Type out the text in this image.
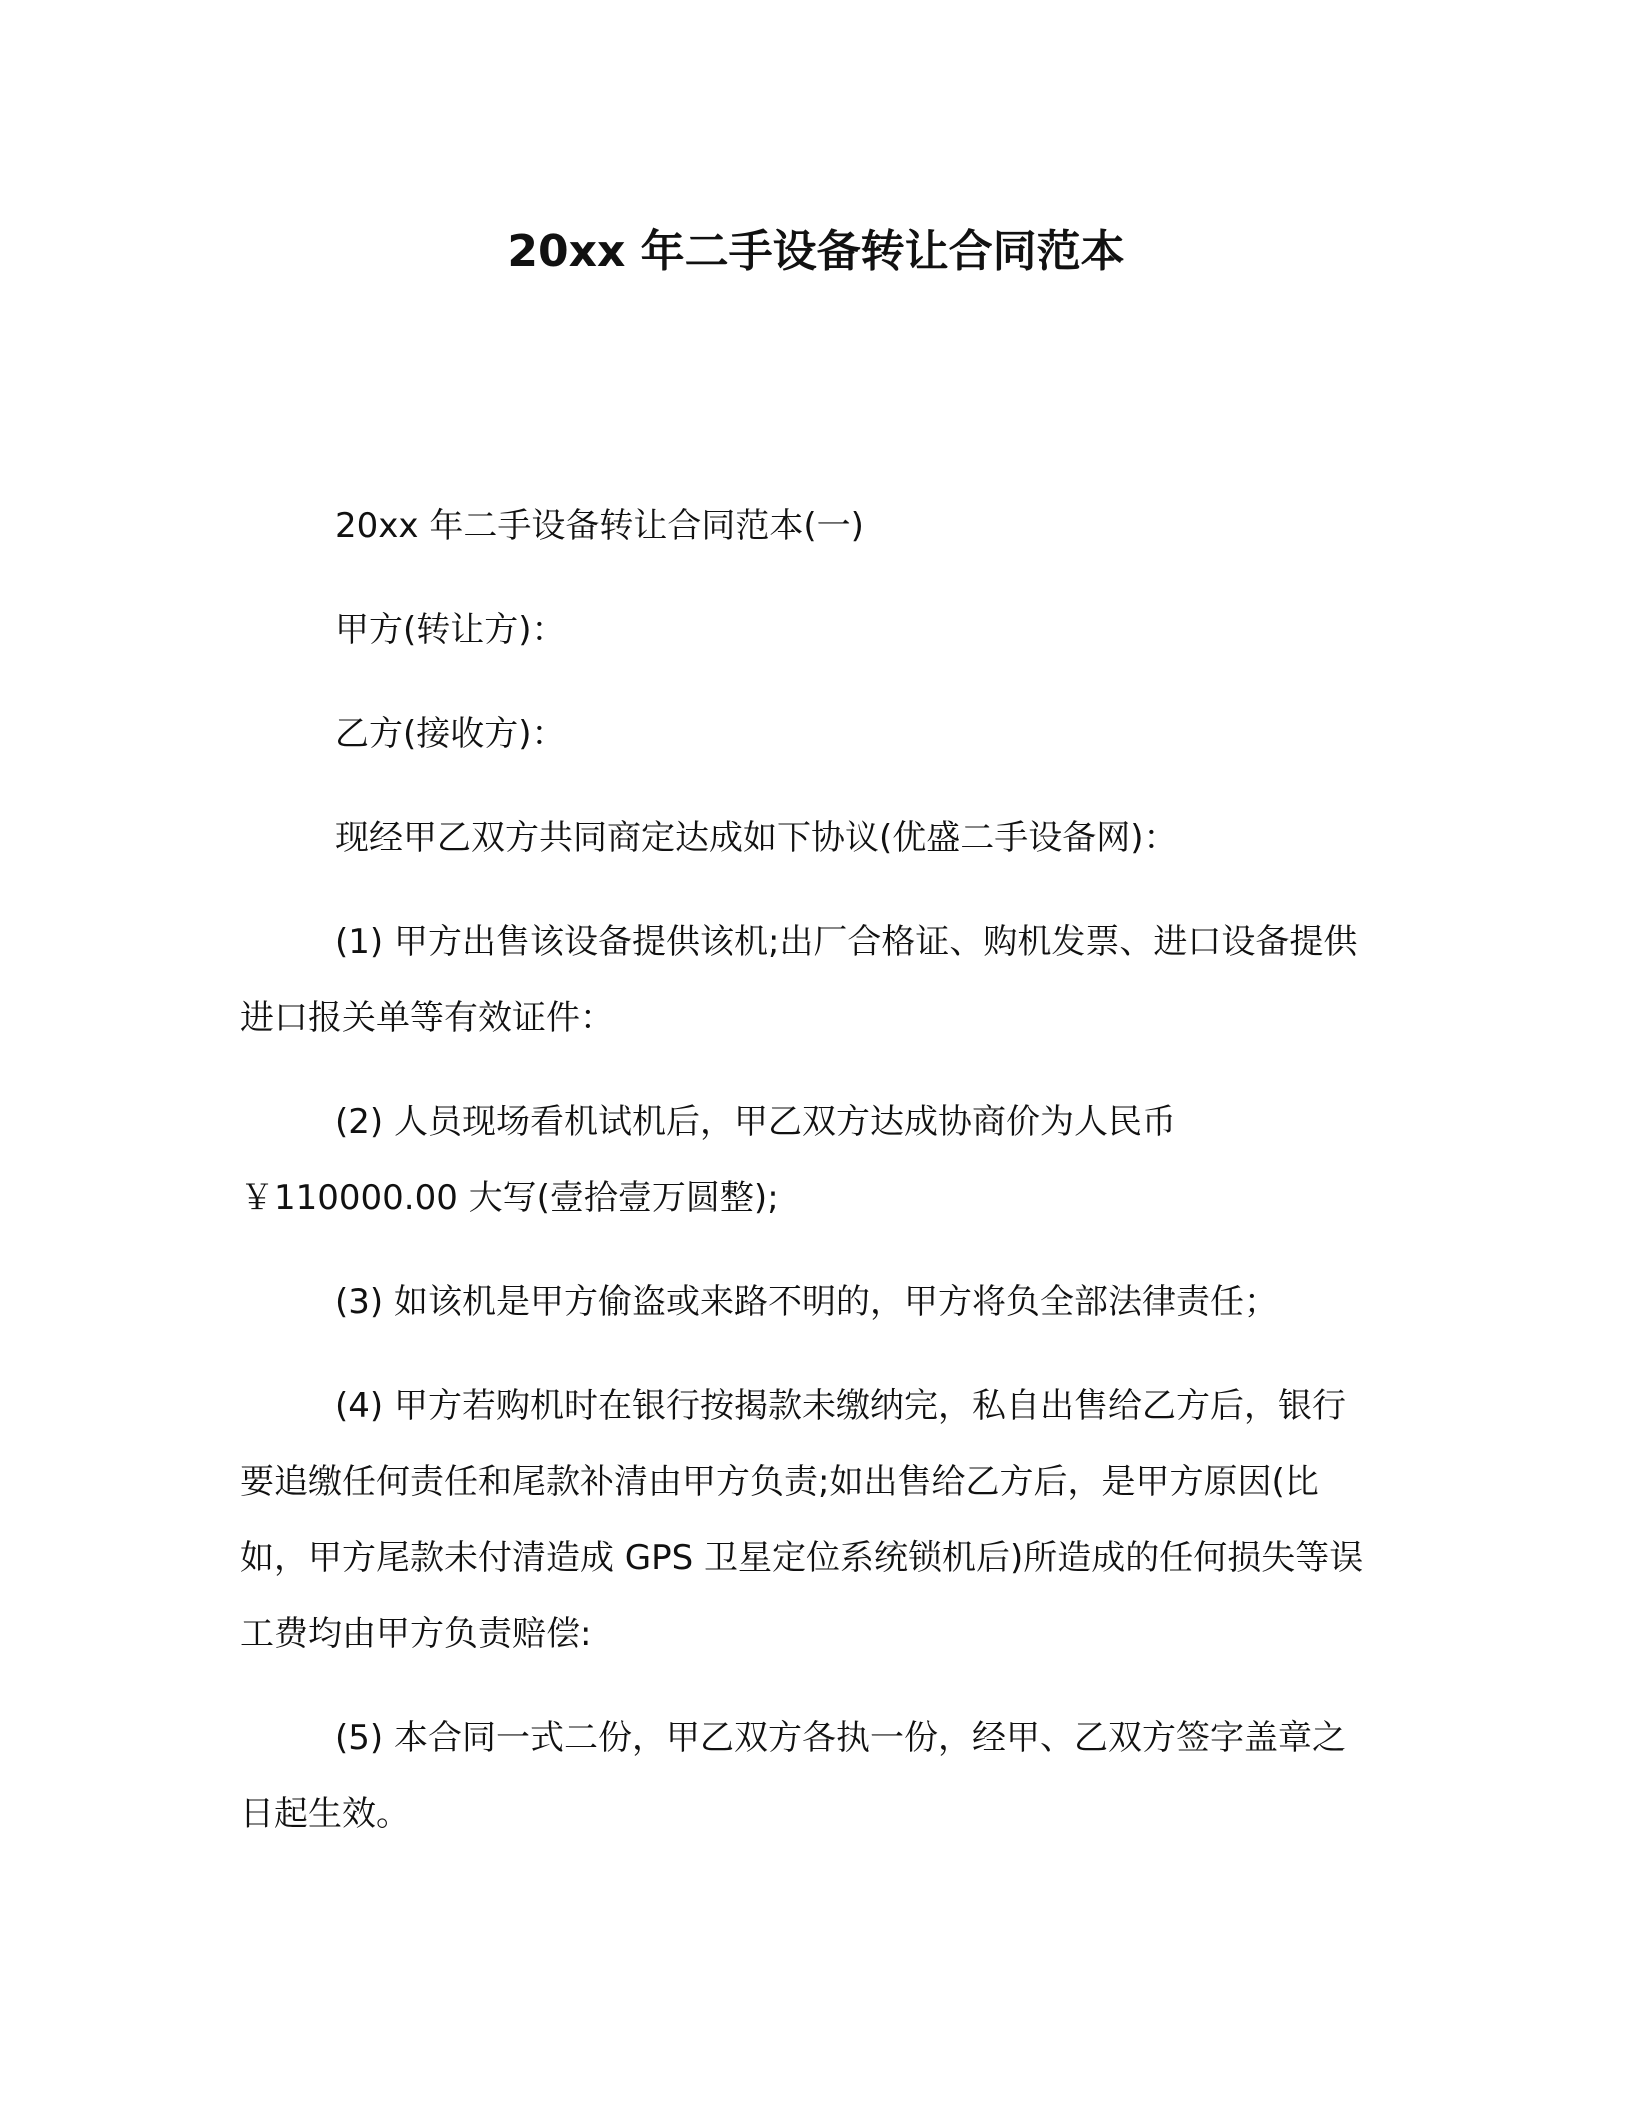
20xx 年二手设备转让合同范本

20xx 年二手设备转让合同范本(一)

甲方(转让方)：

乙方(接收方)：

现经甲乙双方共同商定达成如下协议(优盛二手设备网)：

(1) 甲方出售该设备提供该机;出厂合格证、购机发票、进口设备提供进口报关单等有效证件：

(2) 人员现场看机试机后，甲乙双方达成协商价为人民币 ￥110000.00 大写(壹拾壹万圆整);

(3) 如该机是甲方偷盗或来路不明的，甲方将负全部法律责任；

(4) 甲方若购机时在银行按揭款未缴纳完，私自出售给乙方后，银行要追缴任何责任和尾款补清由甲方负责;如出售给乙方后，是甲方原因(比如，甲方尾款未付清造成 GPS 卫星定位系统锁机后)所造成的任何损失等误工费均由甲方负责赔偿:

(5) 本合同一式二份，甲乙双方各执一份，经甲、乙双方签字盖章之日起生效。
